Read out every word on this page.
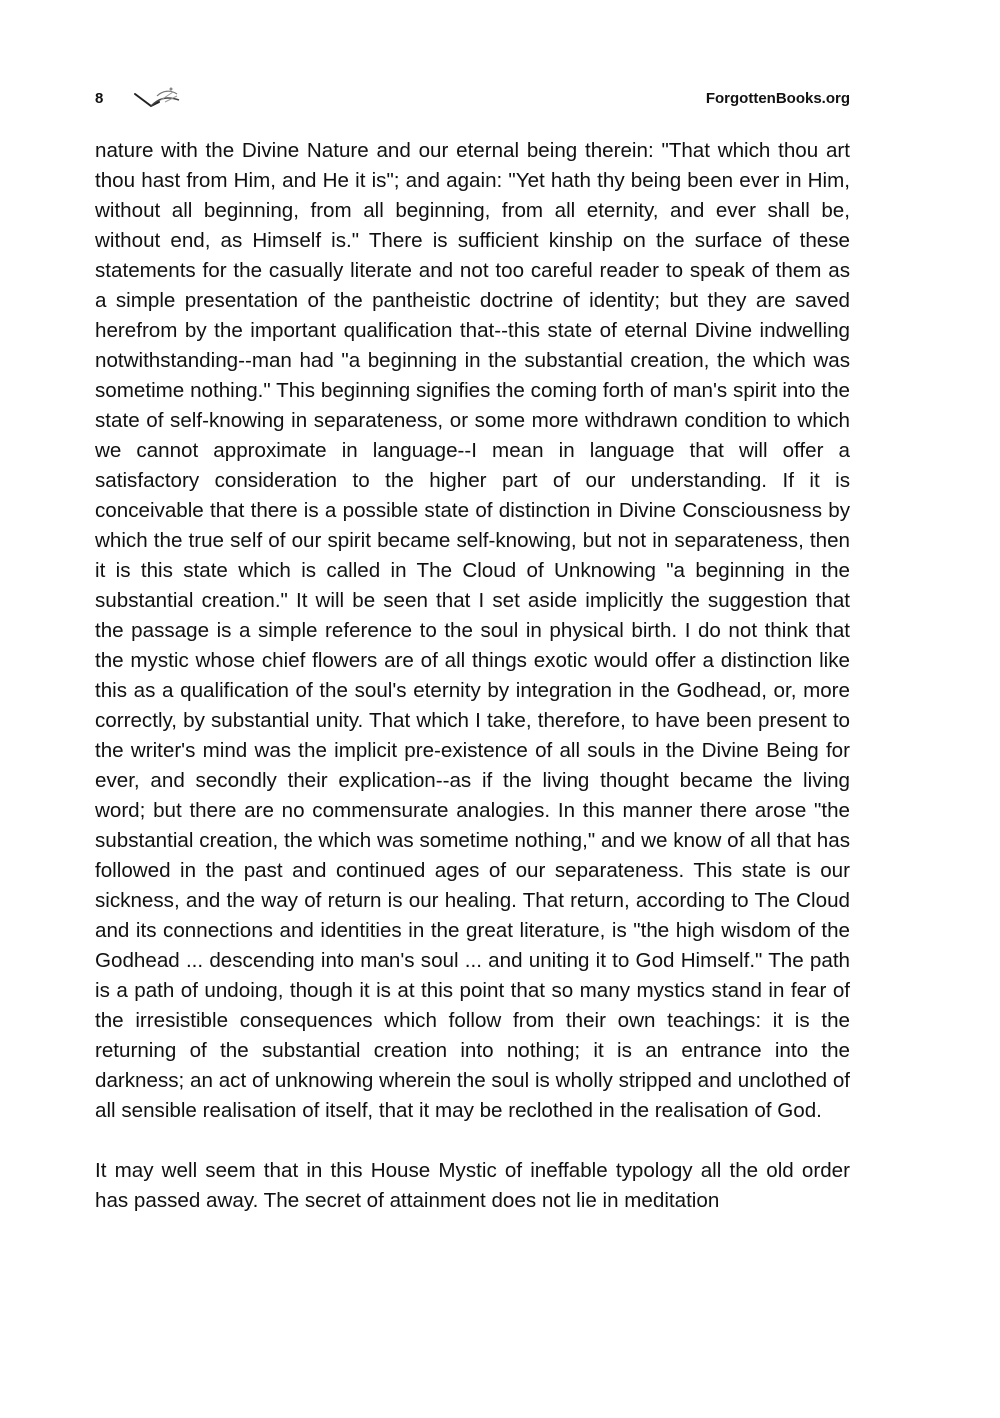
8	ForgottenBooks.org

nature with the Divine Nature and our eternal being therein: "That which thou art thou hast from Him, and He it is"; and again: "Yet hath thy being been ever in Him, without all beginning, from all beginning, from all eternity, and ever shall be, without end, as Himself is." There is sufficient kinship on the surface of these statements for the casually literate and not too careful reader to speak of them as a simple presentation of the pantheistic doctrine of identity; but they are saved herefrom by the important qualification that--this state of eternal Divine indwelling notwithstanding--man had "a beginning in the substantial creation, the which was sometime nothing." This beginning signifies the coming forth of man's spirit into the state of self-knowing in separateness, or some more withdrawn condition to which we cannot approximate in language--I mean in language that will offer a satisfactory consideration to the higher part of our understanding. If it is conceivable that there is a possible state of distinction in Divine Consciousness by which the true self of our spirit became self-knowing, but not in separateness, then it is this state which is called in The Cloud of Unknowing "a beginning in the substantial creation." It will be seen that I set aside implicitly the suggestion that the passage is a simple reference to the soul in physical birth. I do not think that the mystic whose chief flowers are of all things exotic would offer a distinction like this as a qualification of the soul's eternity by integration in the Godhead, or, more correctly, by substantial unity. That which I take, therefore, to have been present to the writer's mind was the implicit pre-existence of all souls in the Divine Being for ever, and secondly their explication--as if the living thought became the living word; but there are no commensurate analogies. In this manner there arose "the substantial creation, the which was sometime nothing," and we know of all that has followed in the past and continued ages of our separateness. This state is our sickness, and the way of return is our healing. That return, according to The Cloud and its connections and identities in the great literature, is "the high wisdom of the Godhead ... descending into man's soul ... and uniting it to God Himself." The path is a path of undoing, though it is at this point that so many mystics stand in fear of the irresistible consequences which follow from their own teachings: it is the returning of the substantial creation into nothing; it is an entrance into the darkness; an act of unknowing wherein the soul is wholly stripped and unclothed of all sensible realisation of itself, that it may be reclothed in the realisation of God.

It may well seem that in this House Mystic of ineffable typology all the old order has passed away. The secret of attainment does not lie in meditation
